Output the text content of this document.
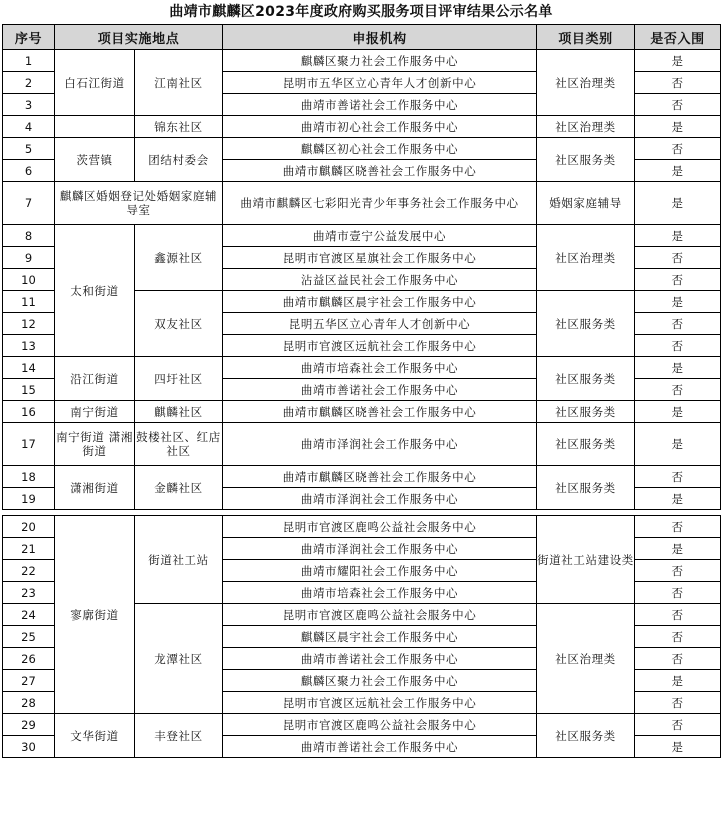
曲靖市麒麟区2023年度政府购买服务项目评审结果公示名单
序号	项目实施地点		申报机构	项目类别	是否入围
1	白石江街道	江南社区	麒麟区聚力社会工作服务中心	社区治理类	是
2			昆明市五华区立心青年人才创新中心		否
3			曲靖市善诺社会工作服务中心		否
4		锦东社区	曲靖市初心社会工作服务中心	社区治理类	是
5	茨营镇	团结村委会	麒麟区初心社会工作服务中心	社区服务类	否
6			曲靖市麒麟区晓善社会工作服务中心		是
7	麒麟区婚姻登记处婚姻家庭辅导室		曲靖市麒麟区七彩阳光青少年事务社会工作服务中心	婚姻家庭辅导	是
8	太和街道	鑫源社区	曲靖市壹宁公益发展中心	社区治理类	是
9			昆明市官渡区星旗社会工作服务中心		否
10			沾益区益民社会工作服务中心		否
11		双友社区	曲靖市麒麟区晨宇社会工作服务中心	社区服务类	是
12			昆明五华区立心青年人才创新中心		否
13			昆明市官渡区远航社会工作服务中心		否
14	沿江街道	四圩社区	曲靖市培森社会工作服务中心	社区服务类	是
15			曲靖市善诺社会工作服务中心		否
16	南宁街道	麒麟社区	曲靖市麒麟区晓善社会工作服务中心	社区服务类	是
17	南宁街道 潇湘街道	鼓楼社区、红店社区	曲靖市泽润社会工作服务中心	社区服务类	是
18	潇湘街道	金麟社区	曲靖市麒麟区晓善社会工作服务中心	社区服务类	否
19			曲靖市泽润社会工作服务中心		是

20	寥廓街道	街道社工站	昆明市官渡区鹿鸣公益社会服务中心	街道社工站建设类	否
21			曲靖市泽润社会工作服务中心		是
22			曲靖市耀阳社会工作服务中心		否
23			曲靖市培森社会工作服务中心		否
24		龙潭社区	昆明市官渡区鹿鸣公益社会服务中心	社区治理类	否
25			麒麟区晨宇社会工作服务中心		否
26			曲靖市善诺社会工作服务中心		否
27			麒麟区聚力社会工作服务中心		是
28			昆明市官渡区远航社会工作服务中心		否
29	文华街道	丰登社区	昆明市官渡区鹿鸣公益社会服务中心	社区服务类	否
30			曲靖市善诺社会工作服务中心		是
